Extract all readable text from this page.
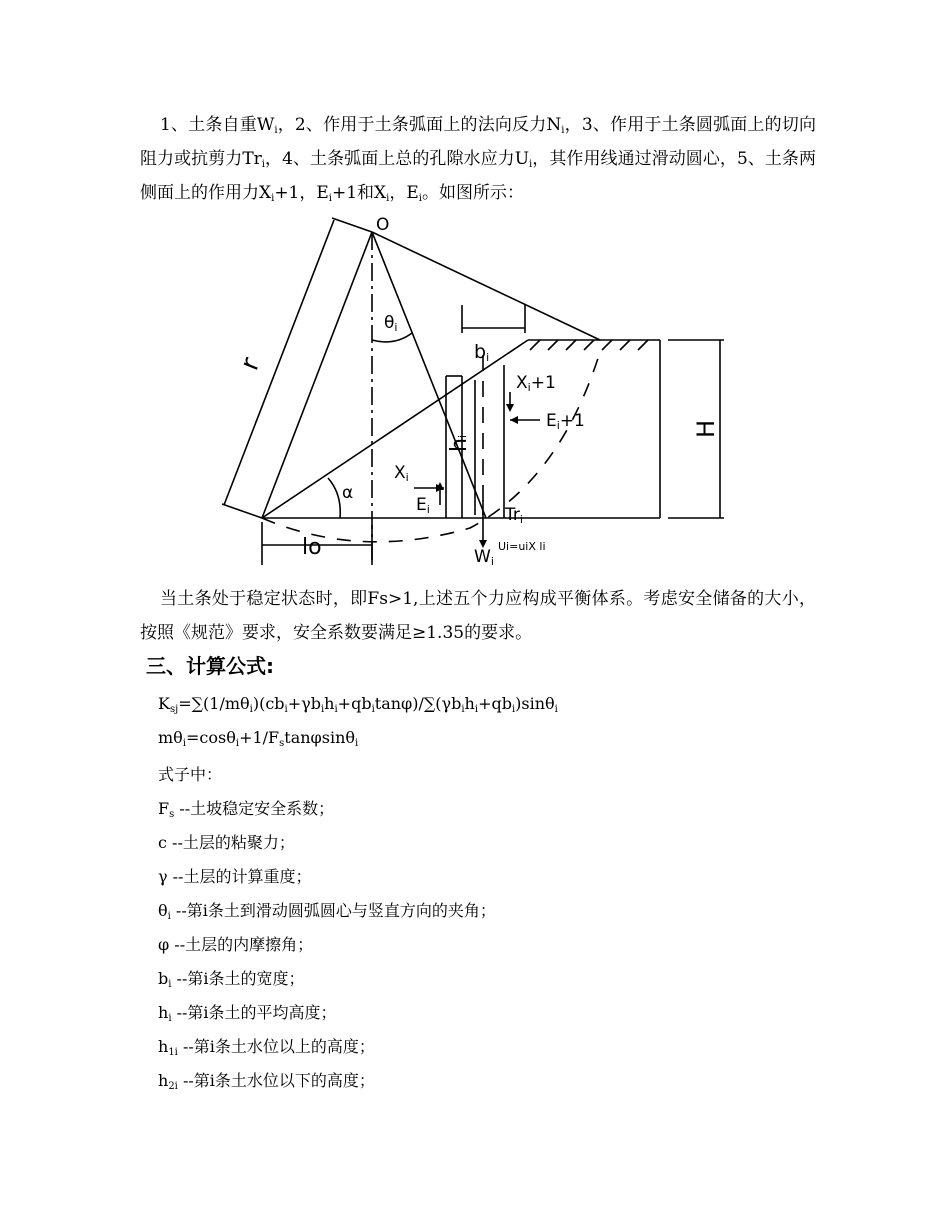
1、土条自重$W_i$，2、作用于土条弧面上的法向反力$N_i$，3、作用于土条圆弧面上的切向阻力或抗剪力$Tr_i$，4、土条弧面上总的孔隙水应力$U_i$，其作用线通过滑动圆心，5、土条两侧面上的作用力$X_i+1$，$E_i+1$和$X_i$，$E_i$。如图所示：

O
r
θi
bi
Xi+1
Ei+1
hi	H
Xi
Ei
α
Tri
Wi
Ui=uiX li
lo

当土条处于稳定状态时，即Fs>1,上述五个力应构成平衡体系。考虑安全储备的大小，按照《规范》要求，安全系数要满足≥1.35的要求。

三、计算公式:

$K_{sj}=\sum(1/m\theta_i)(cb_i+\gamma b_ih_i+qb_i\tan\varphi)/\sum(\gamma b_ih_i+qb_i)\sin\theta_i$

$m\theta_i=\cos\theta_i+1/F_s\tan\varphi\sin\theta_i$

式子中：

$F_s$ --土坡稳定安全系数；

c --土层的粘聚力；

γ --土层的计算重度；

$\theta_i$ --第i条土到滑动圆弧圆心与竖直方向的夹角；

φ --土层的内摩擦角；

$b_i$ --第i条土的宽度；

$h_i$ --第i条土的平均高度；

$h_{1i}$ --第i条土水位以上的高度；

$h_{2i}$ --第i条土水位以下的高度；
